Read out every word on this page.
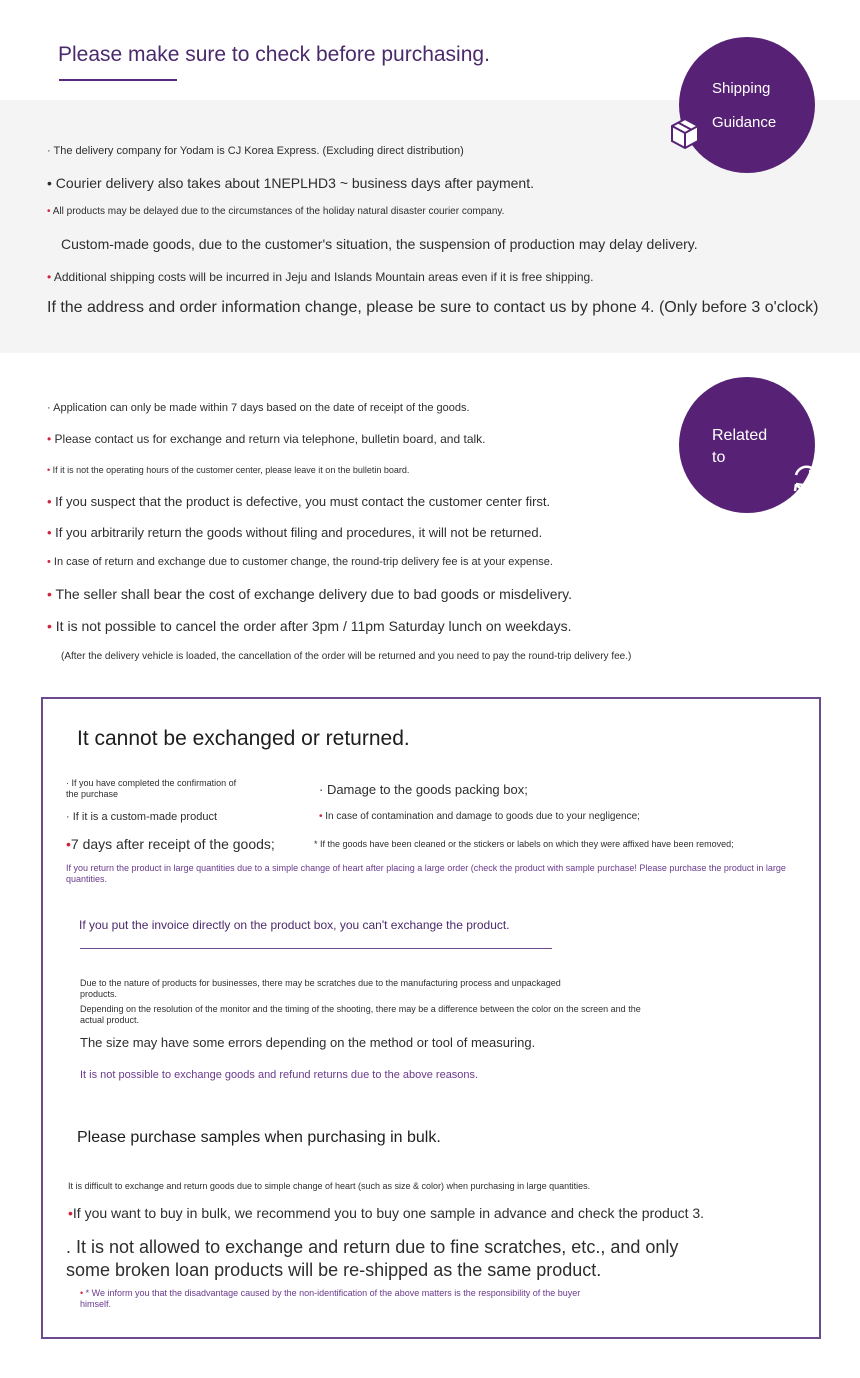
Please make sure to check before purchasing.
· The delivery company for Yodam is CJ Korea Express. (Excluding direct distribution)
• Courier delivery also takes about 1NEPLHD3 ~ business days after payment.
• All products may be delayed due to the circumstances of the holiday natural disaster courier company.
Custom-made goods, due to the customer's situation, the suspension of production may delay delivery.
• Additional shipping costs will be incurred in Jeju and Islands Mountain areas even if it is free shipping.
If the address and order information change, please be sure to contact us by phone 4. (Only before 3 o'clock)
Shipping
Guidance
· Application can only be made within 7 days based on the date of receipt of the goods.
• Please contact us for exchange and return via telephone, bulletin board, and talk.
• If it is not the operating hours of the customer center, please leave it on the bulletin board.
• If you suspect that the product is defective, you must contact the customer center first.
• If you arbitrarily return the goods without filing and procedures, it will not be returned.
• In case of return and exchange due to customer change, the round-trip delivery fee is at your expense.
• The seller shall bear the cost of exchange delivery due to bad goods or misdelivery.
• It is not possible to cancel the order after 3pm / 11pm Saturday lunch on weekdays.
(After the delivery vehicle is loaded, the cancellation of the order will be returned and you need to pay the round-trip delivery fee.)
Related
to
It cannot be exchanged or returned.
· If you have completed the confirmation of
the purchase
· If it is a custom-made product
•7 days after receipt of the goods;
· Damage to the goods packing box;
• In case of contamination and damage to goods due to your negligence;
* If the goods have been cleaned or the stickers or labels on which they were affixed have been removed;
If you return the product in large quantities due to a simple change of heart after placing a large order (check the product with sample purchase! Please purchase the product in large quantities.
If you put the invoice directly on the product box, you can't exchange the product.
Due to the nature of products for businesses, there may be scratches due to the manufacturing process and unpackaged
products.
Depending on the resolution of the monitor and the timing of the shooting, there may be a difference between the color on the screen and the
actual product.
The size may have some errors depending on the method or tool of measuring.
It is not possible to exchange goods and refund returns due to the above reasons.
Please purchase samples when purchasing in bulk.
It is difficult to exchange and return goods due to simple change of heart (such as size & color) when purchasing in large quantities.
•If you want to buy in bulk, we recommend you to buy one sample in advance and check the product 3.
. It is not allowed to exchange and return due to fine scratches, etc., and only
some broken loan products will be re-shipped as the same product.
• * We inform you that the disadvantage caused by the non-identification of the above matters is the responsibility of the buyer
himself.
